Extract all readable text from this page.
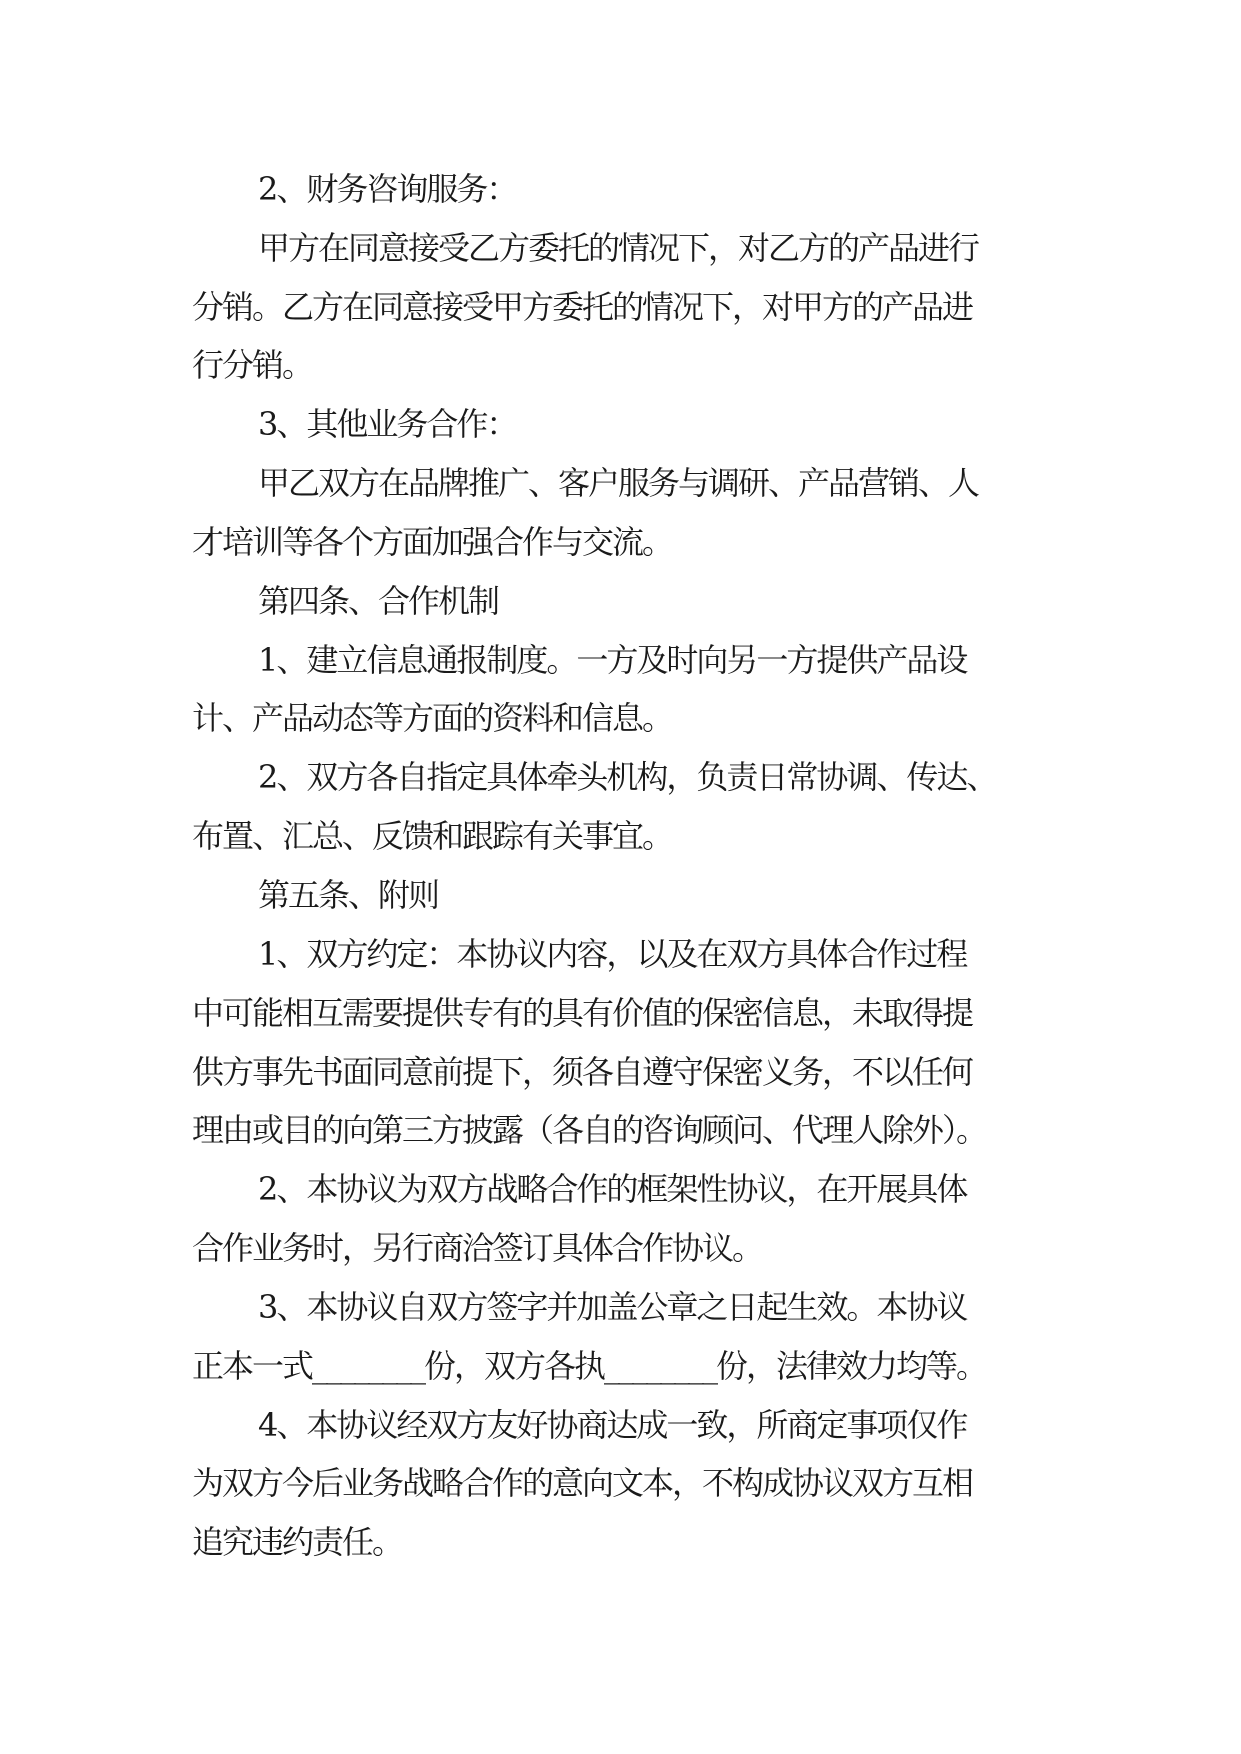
2、财务咨询服务：

甲方在同意接受乙方委托的情况下，对乙方的产品进行

分销。乙方在同意接受甲方委托的情况下，对甲方的产品进

行分销。

3、其他业务合作：

甲乙双方在品牌推广、客户服务与调研、产品营销、人

才培训等各个方面加强合作与交流。

第四条、合作机制

1、建立信息通报制度。一方及时向另一方提供产品设

计、产品动态等方面的资料和信息。

2、双方各自指定具体牵头机构，负责日常协调、传达、

布置、汇总、反馈和跟踪有关事宜。

第五条、附则

1、双方约定：本协议内容，以及在双方具体合作过程

中可能相互需要提供专有的具有价值的保密信息，未取得提

供方事先书面同意前提下，须各自遵守保密义务，不以任何

理由或目的向第三方披露（各自的咨询顾问、代理人除外）。

2、本协议为双方战略合作的框架性协议，在开展具体

合作业务时，另行商洽签订具体合作协议。

3、本协议自双方签字并加盖公章之日起生效。本协议

正本一式________份，双方各执________份，法律效力均等。

4、本协议经双方友好协商达成一致，所商定事项仅作

为双方今后业务战略合作的意向文本，不构成协议双方互相

追究违约责任。
